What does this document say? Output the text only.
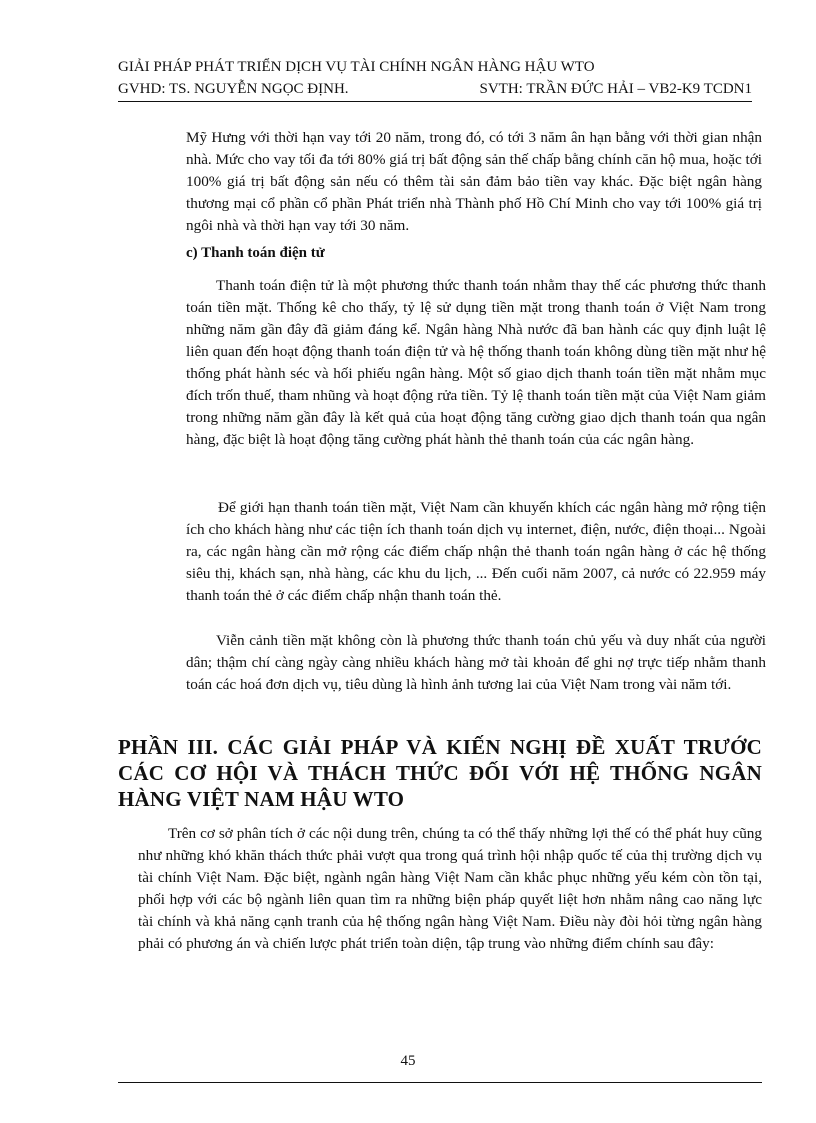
GIẢI PHÁP PHÁT TRIỂN DỊCH VỤ TÀI CHÍNH NGÂN HÀNG HẬU WTO
GVHD: TS. NGUYỄN NGỌC ĐỊNH.	SVTH: TRẦN ĐỨC HẢI – VB2-K9 TCDN1

Mỹ Hưng với thời hạn vay tới 20 năm, trong đó, có tới 3 năm ân hạn bằng với thời gian nhận nhà. Mức cho vay tối đa tới 80% giá trị bất động sản thế chấp bằng chính căn hộ mua, hoặc tới 100% giá trị bất động sản nếu có thêm tài sản đảm bảo tiền vay khác. Đặc biệt ngân hàng thương mại cổ phần cổ phần Phát triển nhà Thành phố Hồ Chí Minh cho vay tới 100% giá trị ngôi nhà và thời hạn vay tới 30 năm.

c) Thanh toán điện tử

Thanh toán điện tử là một phương thức thanh toán nhằm thay thế các phương thức thanh toán tiền mặt. Thống kê cho thấy, tỷ lệ sử dụng tiền mặt trong thanh toán ở Việt Nam trong những năm gần đây đã giảm đáng kể. Ngân hàng Nhà nước đã ban hành các quy định luật lệ liên quan đến hoạt động thanh toán điện tử và hệ thống thanh toán không dùng tiền mặt như hệ thống phát hành séc và hối phiếu ngân hàng. Một số giao dịch thanh toán tiền mặt nhằm mục đích trốn thuế, tham nhũng và hoạt động rửa tiền. Tỷ lệ thanh toán tiền mặt của Việt Nam giảm trong những năm gần đây là kết quả của hoạt động tăng cường giao dịch thanh toán qua ngân hàng, đặc biệt là hoạt động tăng cường phát hành thẻ thanh toán của các ngân hàng.

Để giới hạn thanh toán tiền mặt, Việt Nam cần khuyến khích các ngân hàng mở rộng tiện ích cho khách hàng như các tiện ích thanh toán dịch vụ internet, điện, nước, điện thoại... Ngoài ra, các ngân hàng cần mở rộng các điểm chấp nhận thẻ thanh toán ngân hàng ở các hệ thống siêu thị, khách sạn, nhà hàng, các khu du lịch, ... Đến cuối năm 2007, cả nước có 22.959 máy thanh toán thẻ ở các điểm chấp nhận thanh toán thẻ.

Viễn cảnh tiền mặt không còn là phương thức thanh toán chủ yếu và duy nhất của người dân; thậm chí càng ngày càng nhiều khách hàng mở tài khoản để ghi nợ trực tiếp nhằm thanh toán các hoá đơn dịch vụ, tiêu dùng là hình ảnh tương lai của Việt Nam trong vài năm tới.

PHẦN III. CÁC GIẢI PHÁP VÀ KIẾN NGHỊ ĐỀ XUẤT TRƯỚC CÁC CƠ HỘI VÀ THÁCH THỨC ĐỐI VỚI HỆ THỐNG NGÂN HÀNG VIỆT NAM HẬU WTO

Trên cơ sở phân tích ở các nội dung trên, chúng ta có thể thấy những lợi thế có thể phát huy cũng như những khó khăn thách thức phải vượt qua trong quá trình hội nhập quốc tế của thị trường dịch vụ tài chính Việt Nam. Đặc biệt, ngành ngân hàng Việt Nam cần khắc phục những yếu kém còn tồn tại, phối hợp với các bộ ngành liên quan tìm ra những biện pháp quyết liệt hơn nhằm nâng cao năng lực tài chính và khả năng cạnh tranh của hệ thống ngân hàng Việt Nam. Điều này đòi hỏi từng ngân hàng phải có phương án và chiến lược phát triển toàn diện, tập trung vào những điểm chính sau đây:

45
